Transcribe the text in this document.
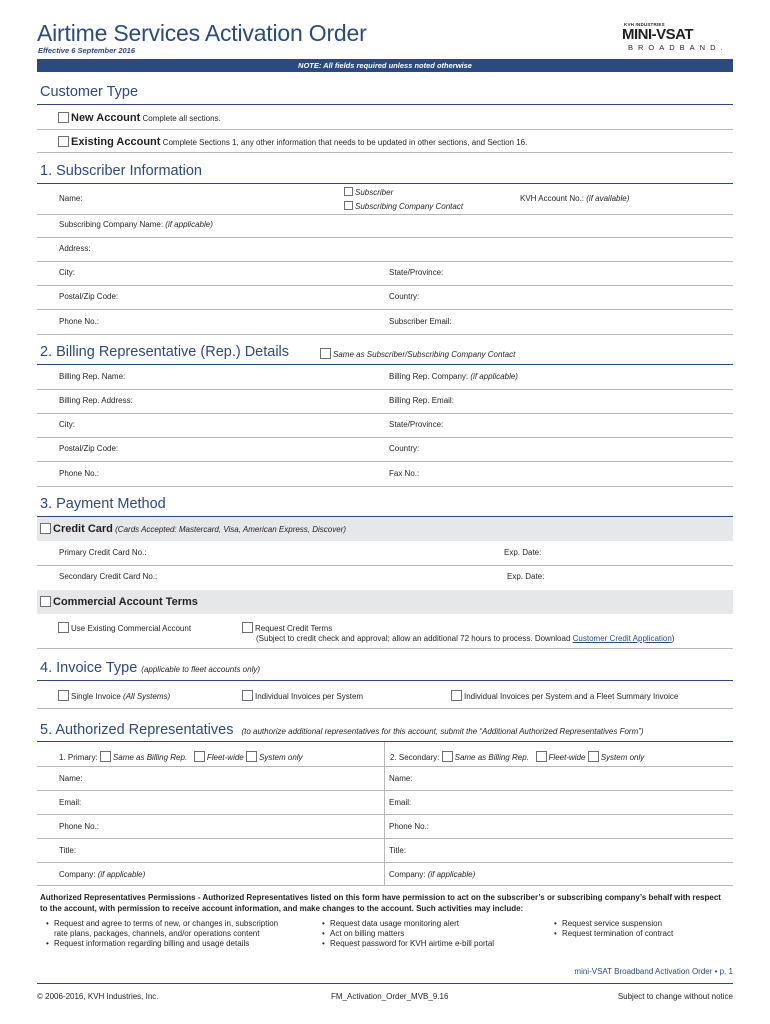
Airtime Services Activation Order
Effective 6 September 2016
KVH INDUSTRIES
MINI-VSAT
BROADBAND.
NOTE: All fields required unless noted otherwise
Customer Type
New Account Complete all sections.
Existing Account Complete Sections 1, any other information that needs to be updated in other sections, and Section 16.
1. Subscriber Information
Name:
Subscriber
Subscribing Company Contact
KVH Account No.: (if available)
Subscribing Company Name: (if applicable)
Address:
City:	State/Province:
Postal/Zip Code:	Country:
Phone No.:	Subscriber Email:
2. Billing Representative (Rep.) Details	Same as Subscriber/Subscribing Company Contact
Billing Rep. Name:	Billing Rep. Company: (if applicable)
Billing Rep. Address:	Billing Rep. Email:
City:	State/Province:
Postal/Zip Code:	Country:
Phone No.:	Fax No.:
3. Payment Method
Credit Card (Cards Accepted: Mastercard, Visa, American Express, Discover)
Primary Credit Card No.:	Exp. Date:
Secondary Credit Card No.:	Exp. Date:
Commercial Account Terms
Use Existing Commercial Account	Request Credit Terms
(Subject to credit check and approval; allow an additional 72 hours to process. Download Customer Credit Application)
4. Invoice Type (applicable to fleet accounts only)
Single Invoice (All Systems)	Individual Invoices per System	Individual Invoices per System and a Fleet Summary Invoice
5. Authorized Representatives (to authorize additional representatives for this account, submit the “Additional Authorized Representatives Form”)
1. Primary: Same as Billing Rep. Fleet-wide System only	2. Secondary: Same as Billing Rep. Fleet-wide System only
Name:	Name:
Email:	Email:
Phone No.:	Phone No.:
Title:	Title:
Company: (if applicable)	Company: (if applicable)
Authorized Representatives Permissions - Authorized Representatives listed on this form have permission to act on the subscriber’s or subscribing company’s behalf with respect to the account, with permission to receive account information, and make changes to the account. Such activities may include:
• Request and agree to terms of new, or changes in, subscription rate plans, packages, channels, and/or operations content
• Request information regarding billing and usage details
• Request data usage monitoring alert
• Act on billing matters
• Request password for KVH airtime e-bill portal
• Request service suspension
• Request termination of contract
mini-VSAT Broadband Activation Order • p. 1
© 2006-2016, KVH Industries, Inc.	FM_Activation_Order_MVB_9.16	Subject to change without notice
